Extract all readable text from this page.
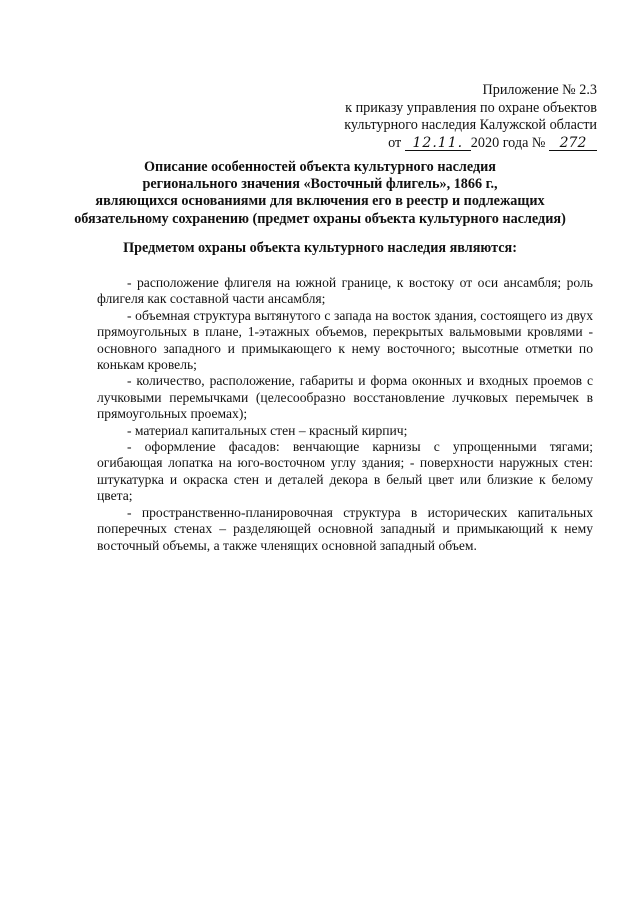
Приложение № 2.3
к приказу управления по охране объектов
культурного наследия Калужской области
от 12.11. 2020 года № 272
Описание особенностей объекта культурного наследия
регионального значения «Восточный флигель», 1866 г.,
являющихся основаниями для включения его в реестр и подлежащих
обязательному сохранению (предмет охраны объекта культурного наследия)
Предметом охраны объекта культурного наследия являются:

- расположение флигеля на южной границе, к востоку от оси ансамбля; роль флигеля как составной части ансамбля;

- объемная структура вытянутого с запада на восток здания, состоящего из двух прямоугольных в плане, 1-этажных объемов, перекрытых вальмовыми кровлями - основного западного и примыкающего к нему восточного; высотные отметки по конькам кровель;

- количество, расположение, габариты и форма оконных и входных проемов с лучковыми перемычками (целесообразно восстановление лучковых перемычек в прямоугольных проемах);

- материал капитальных стен – красный кирпич;

- оформление фасадов: венчающие карнизы с упрощенными тягами; огибающая лопатка на юго-восточном углу здания; - поверхности наружных стен: штукатурка и окраска стен и деталей декора в белый цвет или близкие к белому цвета;

- пространственно-планировочная структура в исторических капитальных поперечных стенах – разделяющей основной западный и примыкающий к нему восточный объемы, а также членящих основной западный объем.
